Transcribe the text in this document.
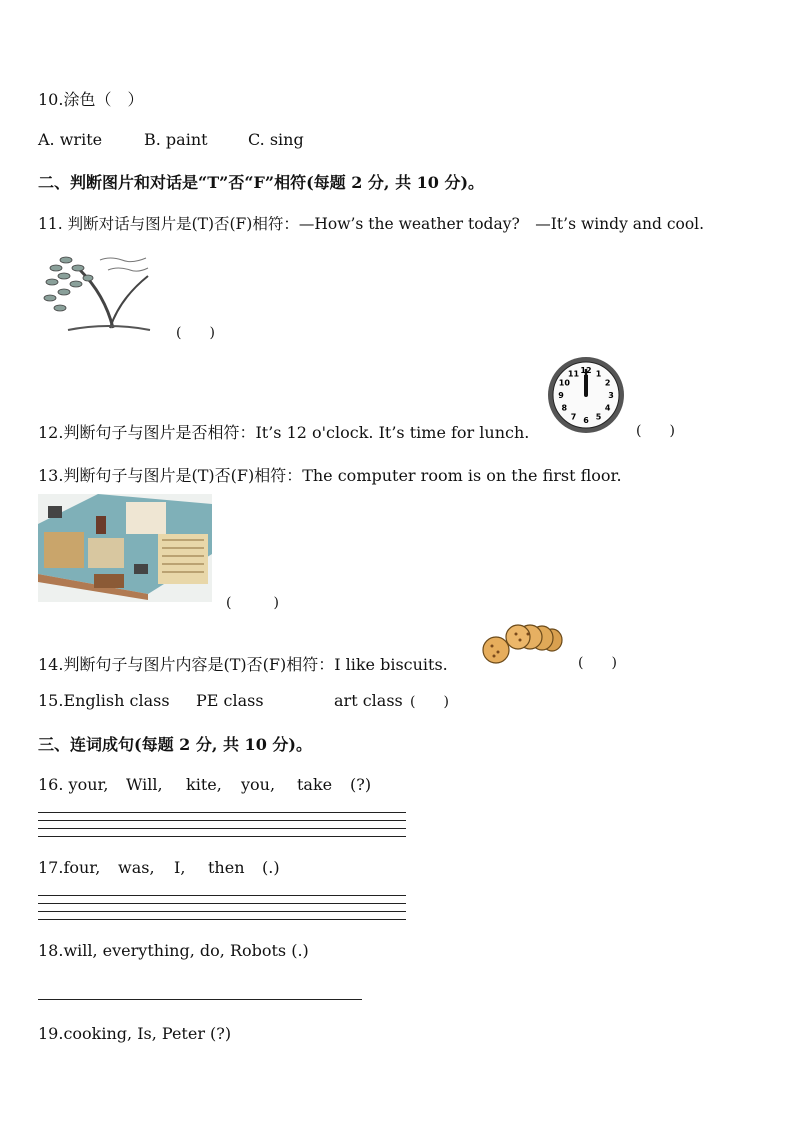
10.涂色（　）
A. write	B. paint	C. sing
二、判断图片和对话是“T”否“F”相符(每题 2 分, 共 10 分)。
11. 判断对话与图片是(T)否(F)相符：—How’s the weather today?　—It’s windy and cool.
(　　)
12.判断句子与图片是否相符：It’s 12 o'clock. It’s time for lunch.
12 1
2
3
4
5
6
7
8
9
10
11
(　　)
13.判断句子与图片是(T)否(F)相符：The computer room is on the first floor.
(　　　)
14.判断句子与图片内容是(T)否(F)相符：I like biscuits.	(　　)
15.English class PE class	art class (　　)
三、连词成句(每题 2 分, 共 10 分)。
16. your, Will, kite, you, take (?)
17.four, was, I, then (.)
18.will, everything, do, Robots (.)
19.cooking, Is, Peter (?)
